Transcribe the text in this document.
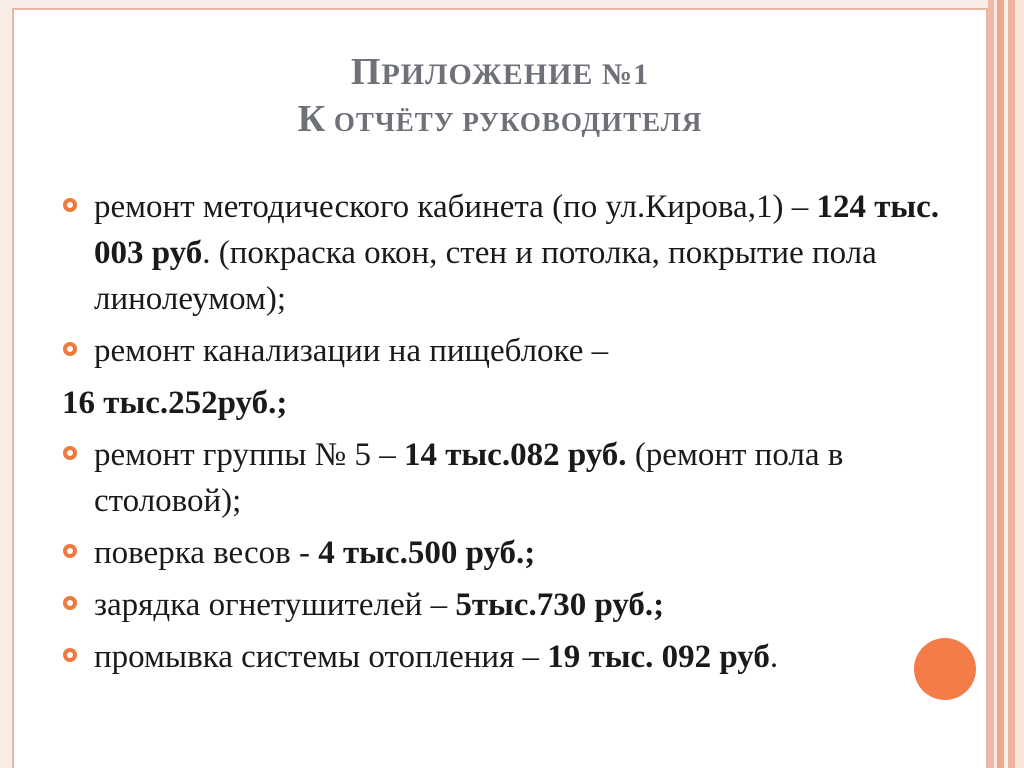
ПРИЛОЖЕНИЕ №1
К ОТЧЁТУ РУКОВОДИТЕЛЯ
ремонт методического кабинета (по ул.Кирова,1) – 124 тыс. 003 руб. (покраска окон, стен и потолка, покрытие пола линолеумом);
ремонт канализации на пищеблоке –
16 тыс.252руб.;
ремонт группы № 5 – 14 тыс.082 руб. (ремонт пола в столовой);
поверка весов - 4 тыс.500 руб.;
зарядка огнетушителей – 5тыс.730 руб.;
промывка системы отопления – 19 тыс. 092 руб.
